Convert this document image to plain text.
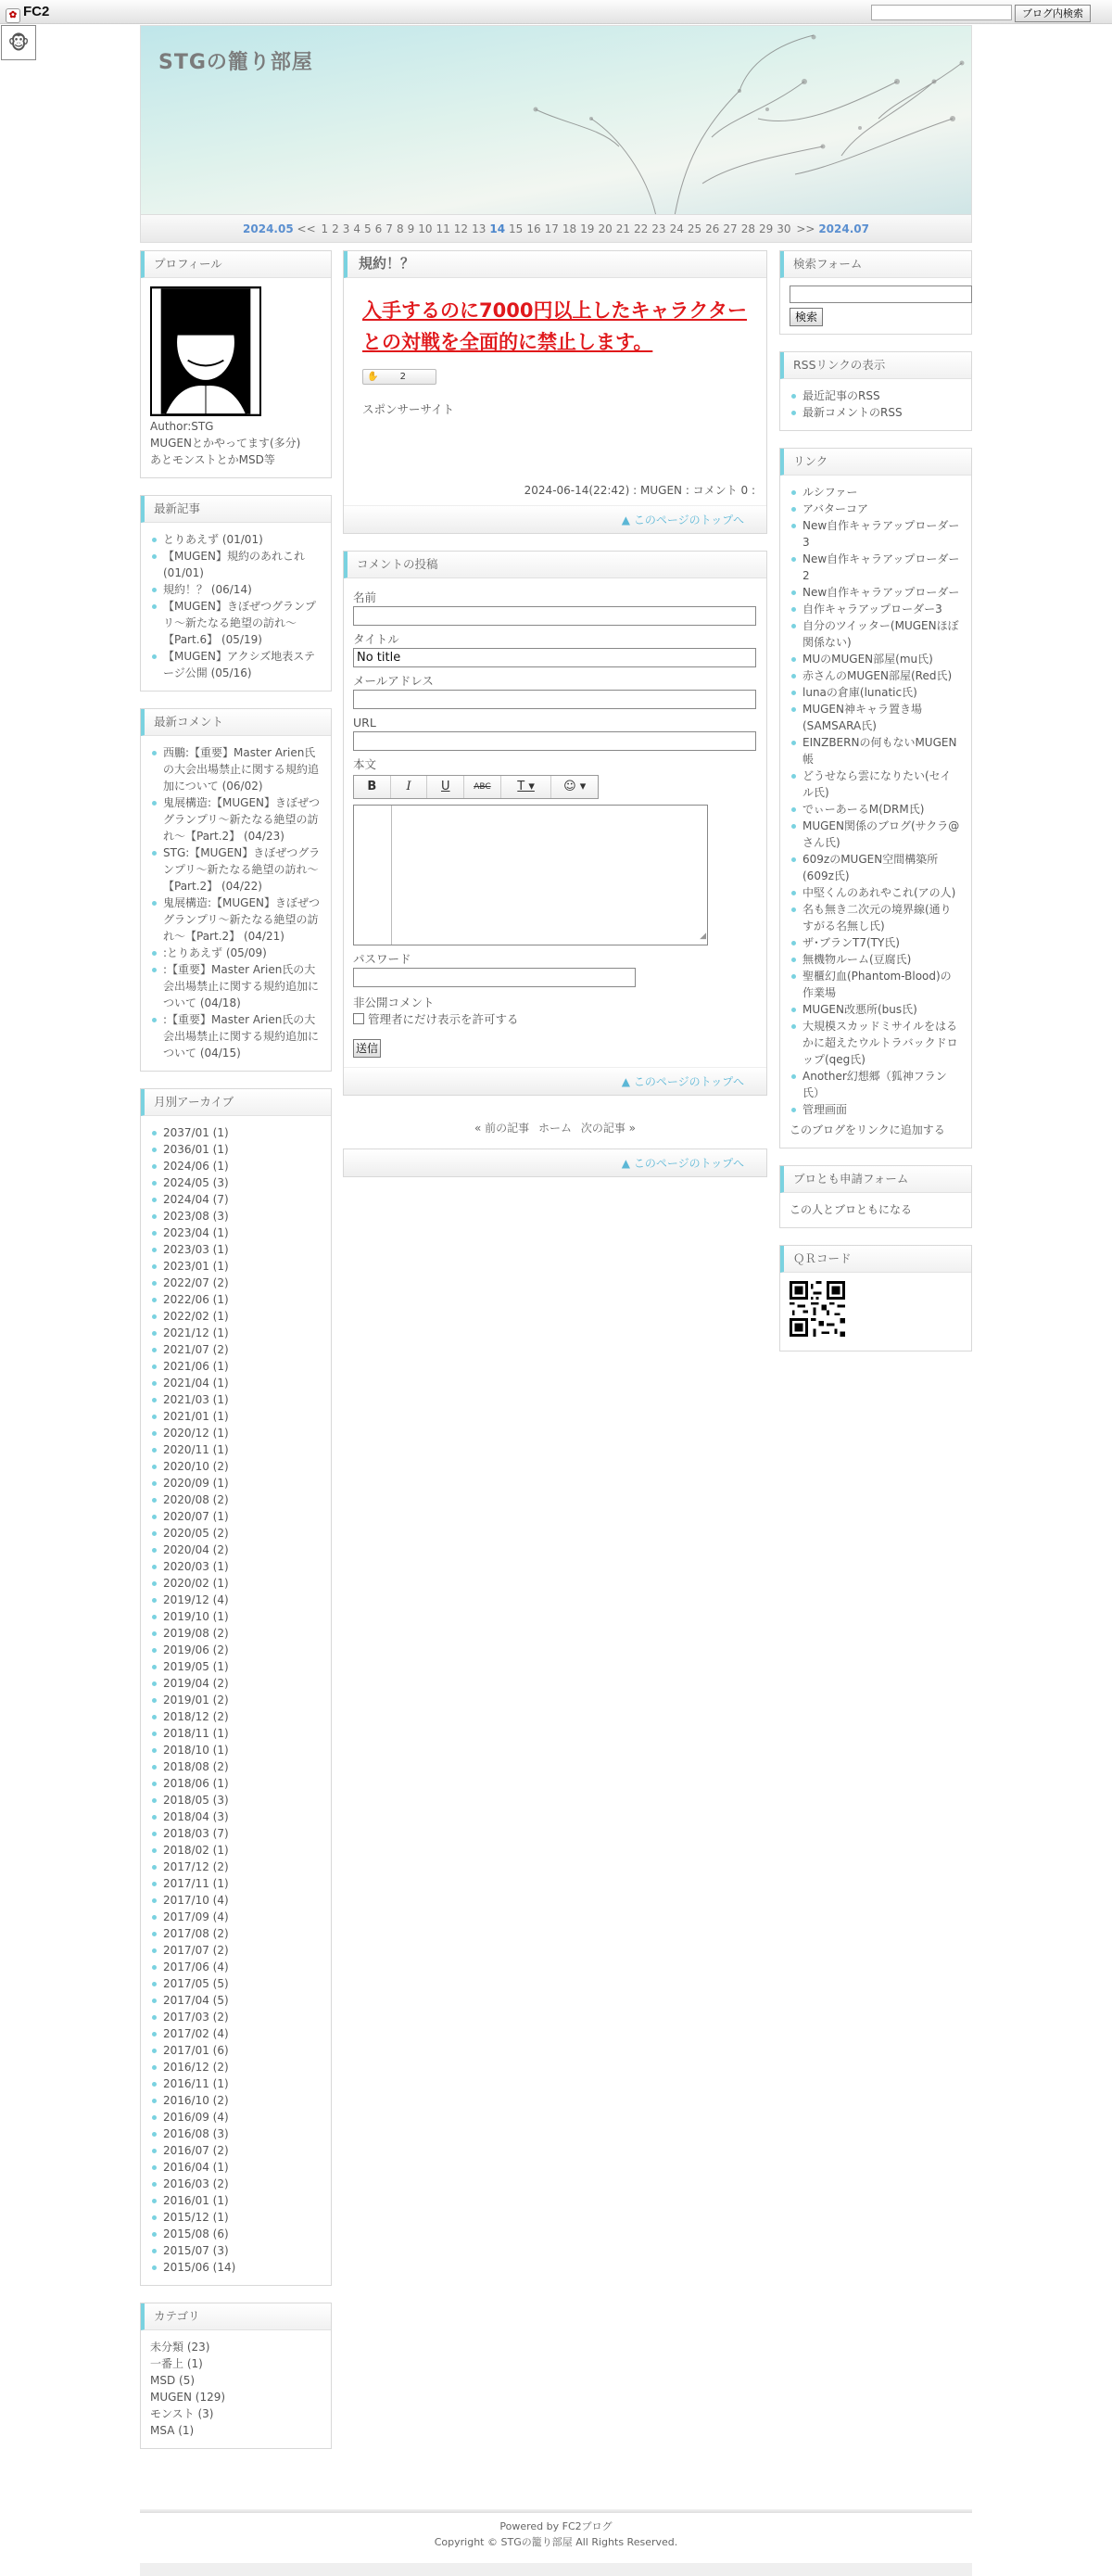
✿ FC2	ブログ内検索
🐵
STGの籠り部屋
2024.05 << 1 2 3 4 5 6 7 8 9 10 11 12 13 14 15 16 17 18 19 20 21 22 23 24 25 26 27 28 29 30 >> 2024.07
プロフィール
Author:STG
MUGENとかやってます(多分)
あとモンストとかMSD等
最新記事
とりあえず (01/01)
【MUGEN】規約のあれこれ (01/01)
規約！？ (06/14)
【MUGEN】きぼぜつグランプリ～新たなる絶望の訪れ～【Part.6】 (05/19)
【MUGEN】アクシズ地表ステージ公開 (05/16)
最新コメント
西鵬:【重要】Master Arien氏の大会出場禁止に関する規約追加について (06/02)
鬼展構造:【MUGEN】きぼぜつグランプリ～新たなる絶望の訪れ～【Part.2】 (04/23)
STG:【MUGEN】きぼぜつグランプリ～新たなる絶望の訪れ～【Part.2】 (04/22)
鬼展構造:【MUGEN】きぼぜつグランプリ～新たなる絶望の訪れ～【Part.2】 (04/21)
:とりあえず (05/09)
:【重要】Master Arien氏の大会出場禁止に関する規約追加について (04/18)
:【重要】Master Arien氏の大会出場禁止に関する規約追加について (04/15)
月別アーカイブ
2037/01 (1)
2036/01 (1)
2024/06 (1)
2024/05 (3)
2024/04 (7)
2023/08 (3)
2023/04 (1)
2023/03 (1)
2023/01 (1)
2022/07 (2)
2022/06 (1)
2022/02 (1)
2021/12 (1)
2021/07 (2)
2021/06 (1)
2021/04 (1)
2021/03 (1)
2021/01 (1)
2020/12 (1)
2020/11 (1)
2020/10 (2)
2020/09 (1)
2020/08 (2)
2020/07 (1)
2020/05 (2)
2020/04 (2)
2020/03 (1)
2020/02 (1)
2019/12 (4)
2019/10 (1)
2019/08 (2)
2019/06 (2)
2019/05 (1)
2019/04 (2)
2019/01 (2)
2018/12 (2)
2018/11 (1)
2018/10 (1)
2018/08 (2)
2018/06 (1)
2018/05 (3)
2018/04 (3)
2018/03 (7)
2018/02 (1)
2017/12 (2)
2017/11 (1)
2017/10 (4)
2017/09 (4)
2017/08 (2)
2017/07 (2)
2017/06 (4)
2017/05 (5)
2017/04 (5)
2017/03 (2)
2017/02 (4)
2017/01 (6)
2016/12 (2)
2016/11 (1)
2016/10 (2)
2016/09 (4)
2016/08 (3)
2016/07 (2)
2016/04 (1)
2016/03 (2)
2016/01 (1)
2015/12 (1)
2015/08 (6)
2015/07 (3)
2015/06 (14)
カテゴリ
未分類 (23)
一番上 (1)
MSD (5)
MUGEN (129)
モンスト (3)
MSA (1)
規約！？
入手するのに7000円以上したキャラクターとの対戦を全面的に禁止します。
✋ 2
スポンサーサイト
2024-06-14(22:42) : MUGEN : コメント 0 :
▲ このページのトップへ
コメントの投稿
名前
タイトル
No title
メールアドレス
URL
本文
B	I	U	ABC	T ▾	☺ ▾
◢
パスワード
非公開コメント
管理者にだけ表示を許可する
送信
▲ このページのトップへ
« 前の記事 ホーム 次の記事 »
▲ このページのトップへ
検索フォーム
検索
RSSリンクの表示
最近記事のRSS
最新コメントのRSS
リンク
ルシファー
アバターコア
New自作キャラアップローダー3
New自作キャラアップローダー2
New自作キャラアップローダー
自作キャラアップローダー3
自分のツイッター(MUGENほぼ関係ない)
MUのMUGEN部屋(mu氏)
赤さんのMUGEN部屋(Red氏)
lunaの倉庫(lunatic氏)
MUGEN神キャラ置き場(SAMSARA氏)
EINZBERNの何もないMUGEN帳
どうせなら雲になりたい(セイル氏)
でぃーあーるM(DRM氏)
MUGEN関係のブログ(サクラ@さん氏)
609zのMUGEN空間構築所(609z氏)
中堅くんのあれやこれ(アの人)
名も無き二次元の境界線(通りすがる名無し氏)
ザ･ブランT7(TY氏)
無機物ルーム(豆腐氏)
聖櫃幻血(Phantom-Blood)の作業場
MUGEN改悪所(bus氏)
大規模スカッドミサイルをはるかに超えたウルトラバックドロップ(qeg氏)
Another幻想郷（狐神フラン氏）
管理画面
このブログをリンクに追加する
ブロとも申請フォーム
この人とブロともになる
ＱＲコード
Powered by FC2ブログ
Copyright © STGの籠り部屋 All Rights Reserved.
